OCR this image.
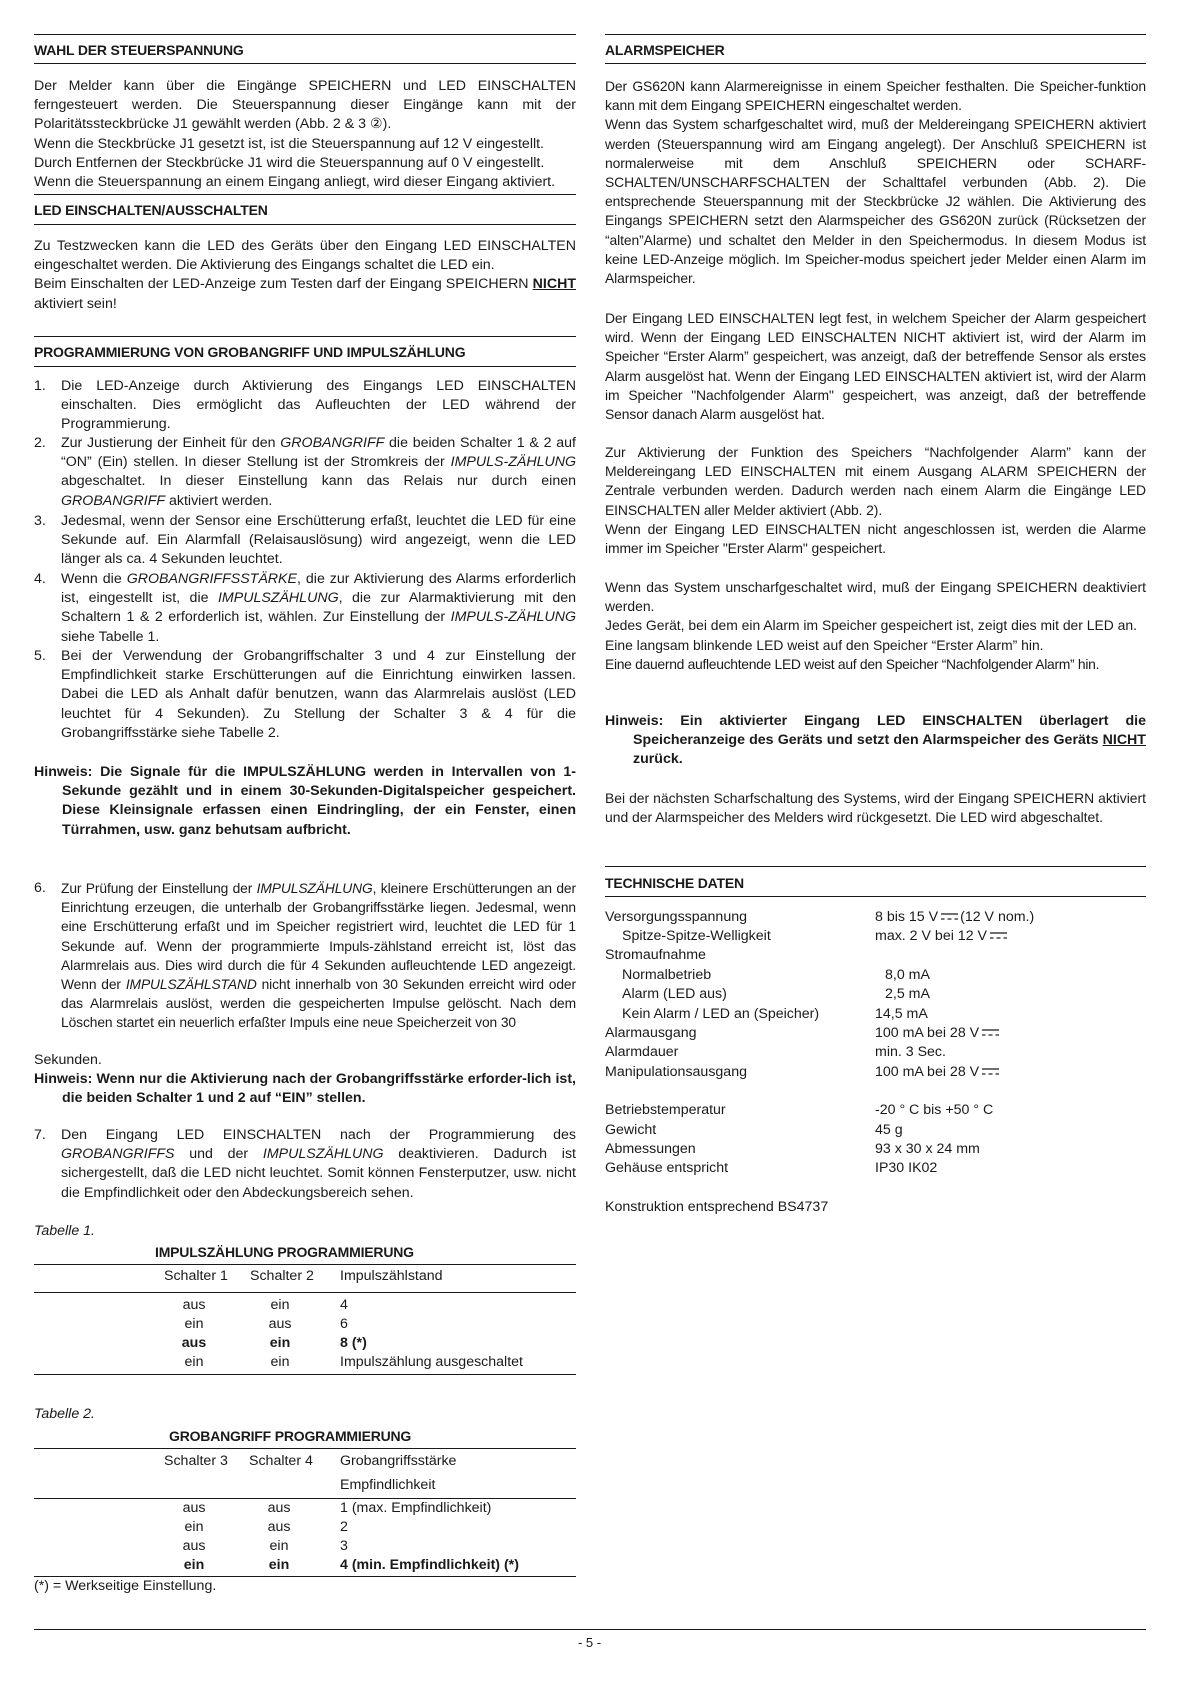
WAHL DER STEUERSPANNUNG
Der Melder kann über die Eingänge SPEICHERN und LED EINSCHALTEN ferngesteuert werden. Die Steuerspannung dieser Eingänge kann mit der Polaritätssteckbrücke J1 gewählt werden (Abb. 2 & 3 ②).
Wenn die Steckbrücke J1 gesetzt ist, ist die Steuerspannung auf 12 V eingestellt.
Durch Entfernen der Steckbrücke J1 wird die Steuerspannung auf 0 V eingestellt.
Wenn die Steuerspannung an einem Eingang anliegt, wird dieser Eingang aktiviert.
LED EINSCHALTEN/AUSSCHALTEN
Zu Testzwecken kann die LED des Geräts über den Eingang LED EINSCHALTEN eingeschaltet werden. Die Aktivierung des Eingangs schaltet die LED ein.
Beim Einschalten der LED-Anzeige zum Testen darf der Eingang SPEICHERN NICHT aktiviert sein!
PROGRAMMIERUNG VON GROBANGRIFF UND IMPULSZÄHLUNG
1. Die LED-Anzeige durch Aktivierung des Eingangs LED EINSCHALTEN einschalten. Dies ermöglicht das Aufleuchten der LED während der Programmierung.
2. Zur Justierung der Einheit für den GROBANGRIFF die beiden Schalter 1 & 2 auf “ON” (Ein) stellen. In dieser Stellung ist der Stromkreis der IMPULS-ZÄHLUNG abgeschaltet. In dieser Einstellung kann das Relais nur durch einen GROBANGRIFF aktiviert werden.
3. Jedesmal, wenn der Sensor eine Erschütterung erfaßt, leuchtet die LED für eine Sekunde auf. Ein Alarmfall (Relaisauslösung) wird angezeigt, wenn die LED länger als ca. 4 Sekunden leuchtet.
4. Wenn die GROBANGRIFFSSTÄRKE, die zur Aktivierung des Alarms erforderlich ist, eingestellt ist, die IMPULSZÄHLUNG, die zur Alarmaktivierung mit den Schaltern 1 & 2 erforderlich ist, wählen. Zur Einstellung der IMPULS-ZÄHLUNG siehe Tabelle 1.
5. Bei der Verwendung der Grobangriffschalter 3 und 4 zur Einstellung der Empfindlichkeit starke Erschütterungen auf die Einrichtung einwirken lassen. Dabei die LED als Anhalt dafür benutzen, wann das Alarmrelais auslöst (LED leuchtet für 4 Sekunden). Zu Stellung der Schalter 3 & 4 für die Grobangriffsstärke siehe Tabelle 2.
Hinweis: Die Signale für die IMPULSZÄHLUNG werden in Intervallen von 1-Sekunde gezählt und in einem 30-Sekunden-Digitalspeicher gespeichert. Diese Kleinsignale erfassen einen Eindringling, der ein Fenster, einen Türrahmen, usw. ganz behutsam aufbricht.
6. Zur Prüfung der Einstellung der IMPULSZÄHLUNG, kleinere Erschütterungen an der Einrichtung erzeugen, die unterhalb der Grobangriffsstärke liegen. Jedesmal, wenn eine Erschütterung erfaßt und im Speicher registriert wird, leuchtet die LED für 1 Sekunde auf. Wenn der programmierte Impuls-zählstand erreicht ist, löst das Alarmrelais aus. Dies wird durch die für 4 Sekunden aufleuchtende LED angezeigt. Wenn der IMPULSZÄHLSTAND nicht innerhalb von 30 Sekunden erreicht wird oder das Alarmrelais auslöst, werden die gespeicherten Impulse gelöscht. Nach dem Löschen startet ein neuerlich erfaßter Impuls eine neue Speicherzeit von 30
Sekunden.
Hinweis: Wenn nur die Aktivierung nach der Grobangriffsstärke erforder-lich ist, die beiden Schalter 1 und 2 auf “EIN” stellen.
7. Den Eingang LED EINSCHALTEN nach der Programmierung des GROBANGRIFFS und der IMPULSZÄHLUNG deaktivieren. Dadurch ist sichergestellt, daß die LED nicht leuchtet. Somit können Fensterputzer, usw. nicht die Empfindlichkeit oder den Abdeckungsbereich sehen.
Tabelle 1.
IMPULSZÄHLUNG PROGRAMMIERUNG
Schalter 1 Schalter 2 Impulszählstand
aus	ein	4
ein	aus	6
aus	ein	8 (*)
ein	ein	Impulszählung ausgeschaltet
Tabelle 2.
GROBANGRIFF PROGRAMMIERUNG
Schalter 3 Schalter 4 Grobangriffsstärke
Empfindlichkeit
aus	aus	1 (max. Empfindlichkeit)
ein	aus	2
aus	ein	3
ein	ein	4 (min. Empfindlichkeit) (*)
(*) = Werkseitige Einstellung.
ALARMSPEICHER
Der GS620N kann Alarmereignisse in einem Speicher festhalten. Die Speicher-funktion kann mit dem Eingang SPEICHERN eingeschaltet werden.
Wenn das System scharfgeschaltet wird, muß der Meldereingang SPEICHERN aktiviert werden (Steuerspannung wird am Eingang angelegt). Der Anschluß SPEICHERN ist normalerweise mit dem Anschluß SPEICHERN oder SCHARF-SCHALTEN/UNSCHARFSCHALTEN der Schalttafel verbunden (Abb. 2). Die entsprechende Steuerspannung mit der Steckbrücke J2 wählen. Die Aktivierung des Eingangs SPEICHERN setzt den Alarmspeicher des GS620N zurück (Rücksetzen der “alten”Alarme) und schaltet den Melder in den Speichermodus. In diesem Modus ist keine LED-Anzeige möglich. Im Speicher-modus speichert jeder Melder einen Alarm im Alarmspeicher.
Der Eingang LED EINSCHALTEN legt fest, in welchem Speicher der Alarm gespeichert wird. Wenn der Eingang LED EINSCHALTEN NICHT aktiviert ist, wird der Alarm im Speicher “Erster Alarm” gespeichert, was anzeigt, daß der betreffende Sensor als erstes Alarm ausgelöst hat. Wenn der Eingang LED EINSCHALTEN aktiviert ist, wird der Alarm im Speicher "Nachfolgender Alarm" gespeichert, was anzeigt, daß der betreffende Sensor danach Alarm ausgelöst hat.
Zur Aktivierung der Funktion des Speichers “Nachfolgender Alarm” kann der Meldereingang LED EINSCHALTEN mit einem Ausgang ALARM SPEICHERN der Zentrale verbunden werden. Dadurch werden nach einem Alarm die Eingänge LED EINSCHALTEN aller Melder aktiviert (Abb. 2).
Wenn der Eingang LED EINSCHALTEN nicht angeschlossen ist, werden die Alarme immer im Speicher "Erster Alarm" gespeichert.
Wenn das System unscharfgeschaltet wird, muß der Eingang SPEICHERN deaktiviert werden.
Jedes Gerät, bei dem ein Alarm im Speicher gespeichert ist, zeigt dies mit der LED an.
Eine langsam blinkende LED weist auf den Speicher “Erster Alarm” hin.
Eine dauernd aufleuchtende LED weist auf den Speicher “Nachfolgender Alarm” hin.
Hinweis: Ein aktivierter Eingang LED EINSCHALTEN überlagert die Speicheranzeige des Geräts und setzt den Alarmspeicher des Geräts NICHT zurück.
Bei der nächsten Scharfschaltung des Systems, wird der Eingang SPEICHERN aktiviert und der Alarmspeicher des Melders wird rückgesetzt. Die LED wird abgeschaltet.
TECHNISCHE DATEN
Versorgungsspannung	8 bis 15 V (12 V nom.)
Spitze-Spitze-Welligkeit	max. 2 V bei 12 V
Stromaufnahme
Normalbetrieb	8,0 mA
Alarm (LED aus)	2,5 mA
Kein Alarm / LED an (Speicher)	14,5 mA
Alarmausgang	100 mA bei 28 V
Alarmdauer	min. 3 Sec.
Manipulationsausgang	100 mA bei 28 V
Betriebstemperatur	-20 ° C bis +50 ° C
Gewicht	45 g
Abmessungen	93 x 30 x 24 mm
Gehäuse entspricht	IP30 IK02
Konstruktion entsprechend BS4737
- 5 -
